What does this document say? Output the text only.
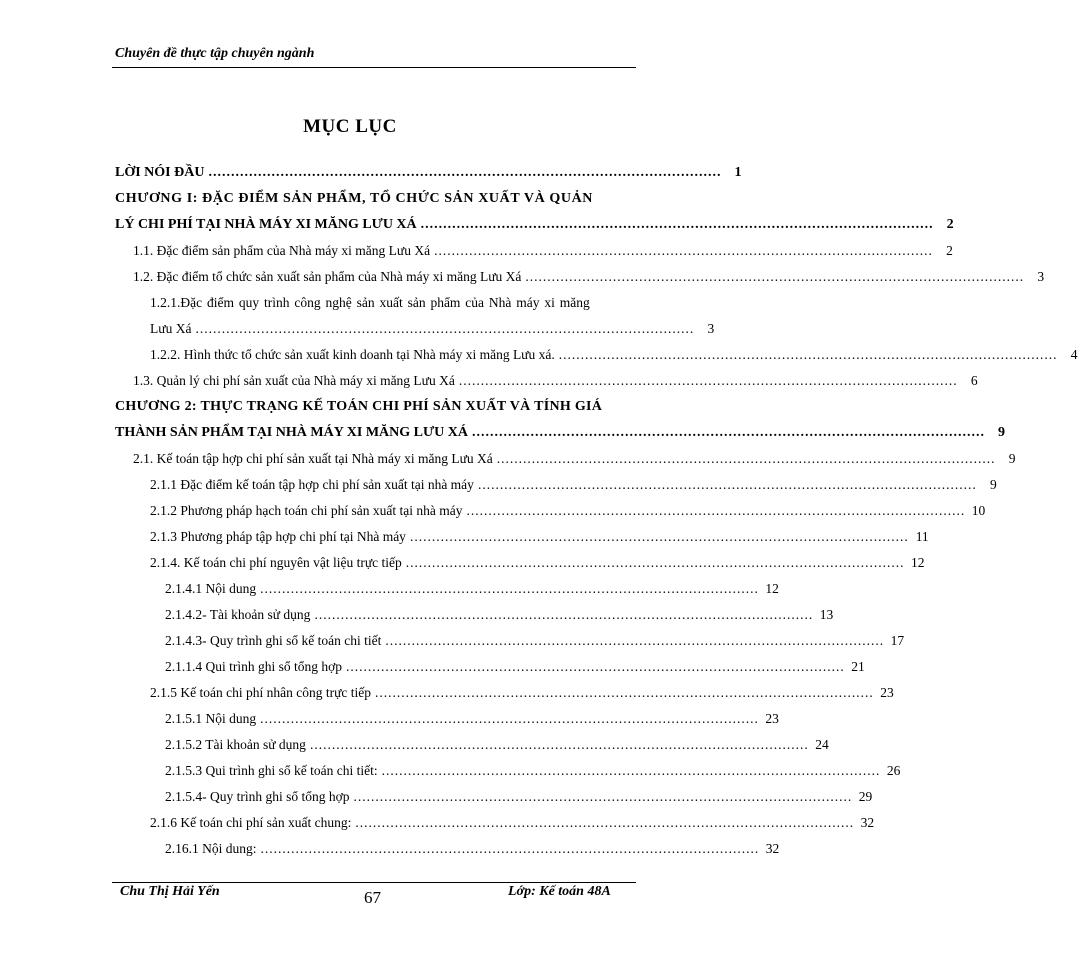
Chuyên đề thực tập chuyên ngành
MỤC LỤC
LỜI NÓI ĐẦU .................................................................................................................. 1
CHƯƠNG I: ĐẶC ĐIỂM SẢN PHẨM, TỔ CHỨC SẢN XUẤT VÀ QUẢN
LÝ CHI PHÍ TẠI NHÀ MÁY XI MĂNG LƯU XÁ .................................................................................................................. 2
1.1. Đặc điểm sản phẩm của Nhà máy xi măng Lưu Xá .................................................................................................................. 2
1.2. Đặc điểm tổ chức sản xuất sản phẩm của Nhà máy xi măng Lưu Xá .................................................................................................................. 3
1.2.1.Đặc điểm quy trình công nghệ sản xuất sản phẩm của Nhà máy xi măng
Lưu Xá .................................................................................................................. 3
1.2.2. Hình thức tổ chức sản xuất kinh doanh tại Nhà máy xi măng Lưu xá. .................................................................................................................. 4
1.3. Quản lý chi phí sản xuất của Nhà máy xi măng Lưu Xá .................................................................................................................. 6
CHƯƠNG 2: THỰC TRẠNG KẾ TOÁN CHI PHÍ SẢN XUẤT VÀ TÍNH GIÁ
THÀNH SẢN PHẨM TẠI NHÀ MÁY XI MĂNG LƯU XÁ .................................................................................................................. 9
2.1. Kế toán tập hợp chi phí sản xuất tại Nhà máy xi măng Lưu Xá .................................................................................................................. 9
2.1.1 Đặc điểm kế toán tập hợp chi phí sản xuất tại nhà máy .................................................................................................................. 9
2.1.2 Phương pháp hạch toán chi phí sản xuất tại nhà máy .................................................................................................................. 10
2.1.3 Phương pháp tập hợp chi phí tại Nhà máy .................................................................................................................. 11
2.1.4. Kế toán chi phí nguyên vật liệu trực tiếp .................................................................................................................. 12
2.1.4.1 Nội dung .................................................................................................................. 12
2.1.4.2- Tài khoản sử dụng .................................................................................................................. 13
2.1.4.3- Quy trình ghi sổ kế toán chi tiết .................................................................................................................. 17
2.1.1.4 Qui trình ghi sổ tổng hợp .................................................................................................................. 21
2.1.5 Kế toán chi phí nhân công trực tiếp .................................................................................................................. 23
2.1.5.1 Nội dung .................................................................................................................. 23
2.1.5.2 Tài khoản sử dụng .................................................................................................................. 24
2.1.5.3 Qui trình ghi sổ kế toán chi tiết: .................................................................................................................. 26
2.1.5.4- Quy trình ghi sổ tổng hợp .................................................................................................................. 29
2.1.6 Kế toán chi phí sản xuất chung: .................................................................................................................. 32
2.16.1 Nội dung: .................................................................................................................. 32
Chu Thị Hải Yến	67	Lớp: Kế toán 48A
